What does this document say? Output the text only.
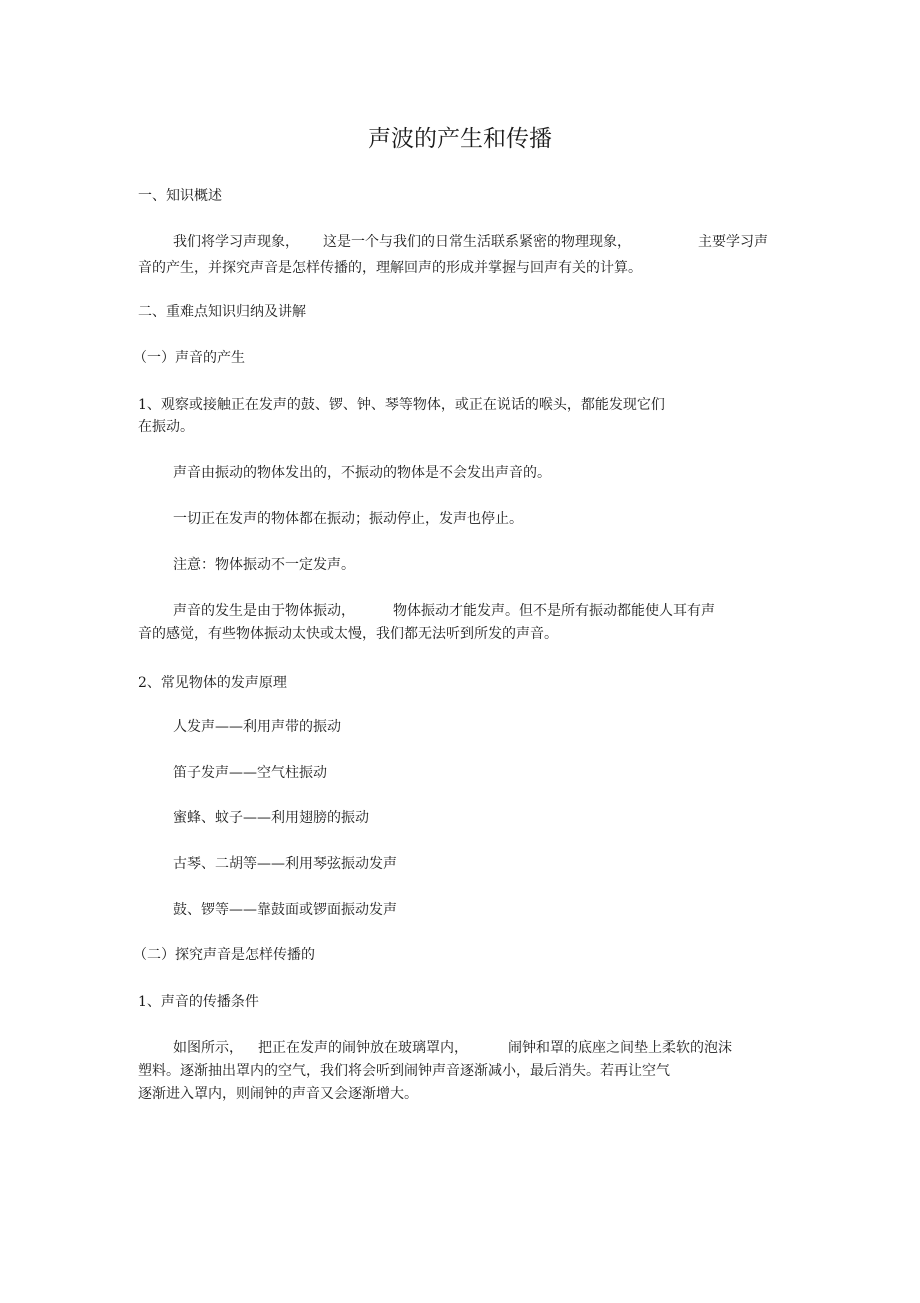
声波的产生和传播
一、知识概述
我们将学习声现象， 这是一个与我们的日常生活联系紧密的物理现象，	主要学习声
音的产生，并探究声音是怎样传播的，理解回声的形成并掌握与回声有关的计算。
二、重难点知识归纳及讲解
（一）声音的产生
1、观察或接触正在发声的鼓、锣、钟、琴等物体，或正在说话的喉头，都能发现它们
在振动。
声音由振动的物体发出的，不振动的物体是不会发出声音的。
一切正在发声的物体都在振动；振动停止，发声也停止。
注意：物体振动不一定发声。
声音的发生是由于物体振动，	物体振动才能发声。但不是所有振动都能使人耳有声
音的感觉，有些物体振动太快或太慢，我们都无法听到所发的声音。
2、常见物体的发声原理
人发声——利用声带的振动
笛子发声——空气柱振动
蜜蜂、蚊子——利用翅膀的振动
古琴、二胡等——利用琴弦振动发声
鼓、锣等——靠鼓面或锣面振动发声
（二）探究声音是怎样传播的
1、声音的传播条件
如图所示， 把正在发声的闹钟放在玻璃罩内，	闹钟和罩的底座之间垫上柔软的泡沫
塑料。逐渐抽出罩内的空气，我们将会听到闹钟声音逐渐减小，最后消失。若再让空气
逐渐进入罩内，则闹钟的声音又会逐渐增大。
